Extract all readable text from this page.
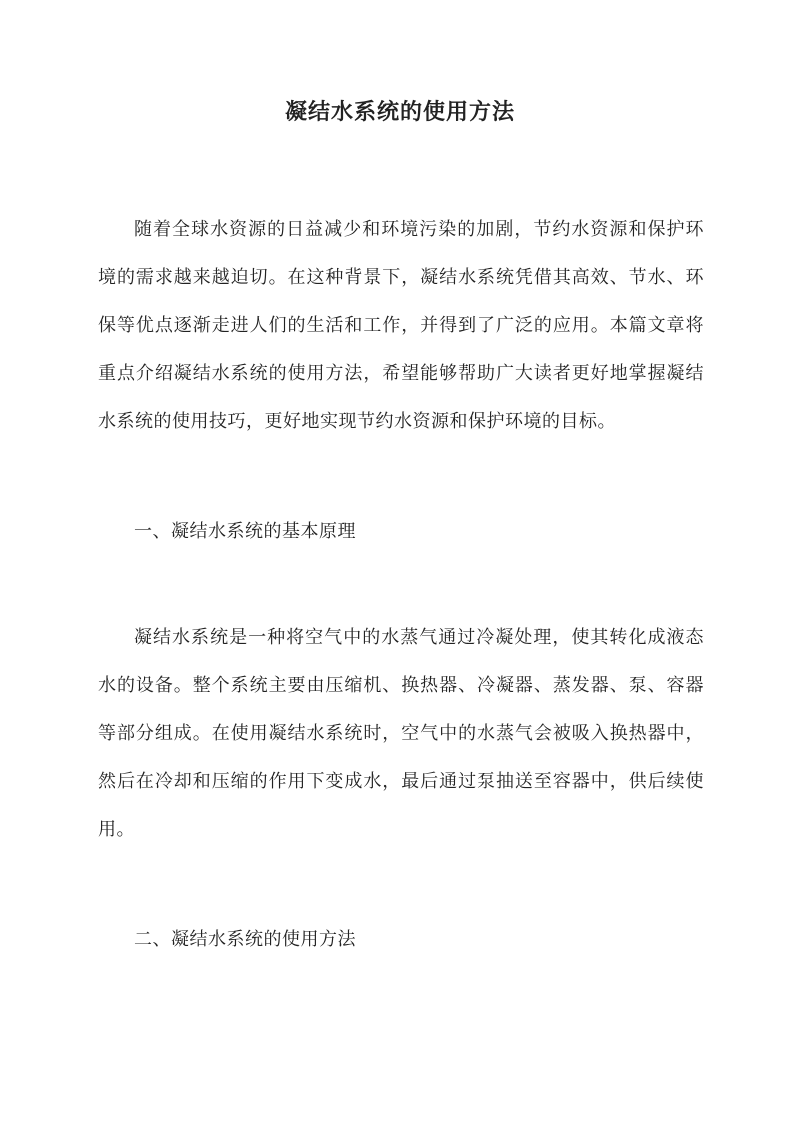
凝结水系统的使用方法

随着全球水资源的日益减少和环境污染的加剧，节约水资源和保护环境的需求越来越迫切。在这种背景下，凝结水系统凭借其高效、节水、环保等优点逐渐走进人们的生活和工作，并得到了广泛的应用。本篇文章将重点介绍凝结水系统的使用方法，希望能够帮助广大读者更好地掌握凝结水系统的使用技巧，更好地实现节约水资源和保护环境的目标。

一、凝结水系统的基本原理

凝结水系统是一种将空气中的水蒸气通过冷凝处理，使其转化成液态水的设备。整个系统主要由压缩机、换热器、冷凝器、蒸发器、泵、容器等部分组成。在使用凝结水系统时，空气中的水蒸气会被吸入换热器中，然后在冷却和压缩的作用下变成水，最后通过泵抽送至容器中，供后续使用。

二、凝结水系统的使用方法
